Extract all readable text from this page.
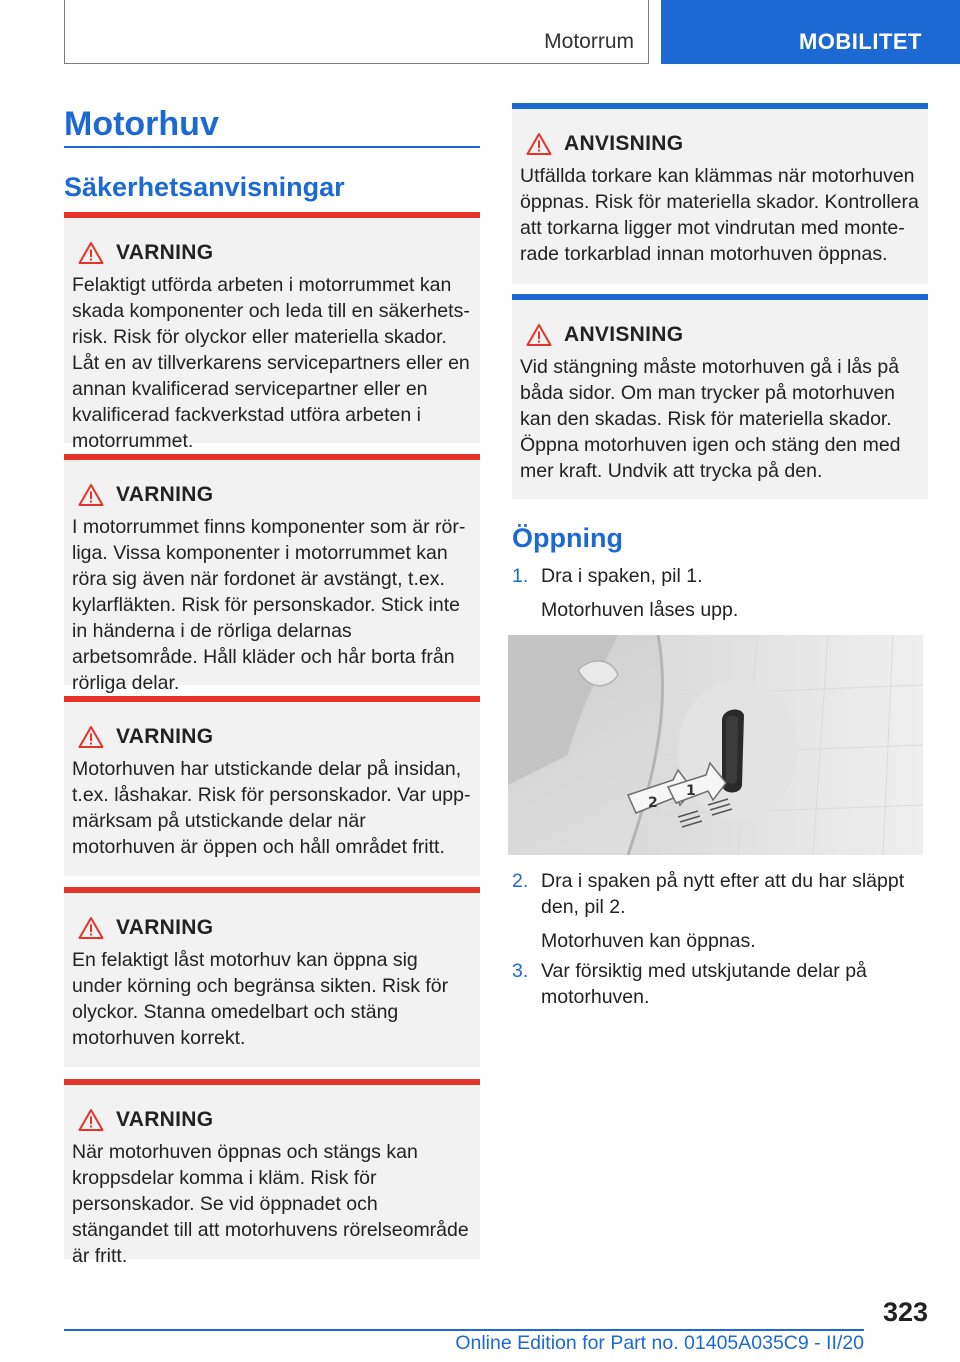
Motorrum	MOBILITET
Motorhuv
Säkerhetsanvisningar
VARNING

Felaktigt utförda arbeten i motorrummet kan skada komponenter och leda till en säkerhetsrisk. Risk för olyckor eller materiella skador. Låt en av tillverkarens servicepartners eller en annan kvalificerad servicepartner eller en kvalificerad fackverkstad utföra arbeten i motorrummet.

VARNING

I motorrummet finns komponenter som är rörliga. Vissa komponenter i motorrummet kan röra sig även när fordonet är avstängt, t.ex. kylarfläkten. Risk för personskador. Stick inte in händerna i de rörliga delarnas arbetsområde. Håll kläder och hår borta från rörliga delar.

VARNING

Motorhuven har utstickande delar på insidan, t.ex. låshakar. Risk för personskador. Var uppmärksam på utstickande delar när motorhuven är öppen och håll området fritt.

VARNING

En felaktigt låst motorhuv kan öppna sig under körning och begränsa sikten. Risk för olyckor. Stanna omedelbart och stäng motorhuven korrekt.

VARNING

När motorhuven öppnas och stängs kan kroppsdelar komma i kläm. Risk för personskador. Se vid öppnadet och stängandet till att motorhuvens rörelseområde är fritt.

ANVISNING

Utfällda torkare kan klämmas när motorhuven öppnas. Risk för materiella skador. Kontrollera att torkarna ligger mot vindrutan med monterade torkarblad innan motorhuven öppnas.

ANVISNING

Vid stängning måste motorhuven gå i lås på båda sidor. Om man trycker på motorhuven kan den skadas. Risk för materiella skador. Öppna motorhuven igen och stäng den med mer kraft. Undvik att trycka på den.

Öppning
1. Dra i spaken, pil 1.
Motorhuven låses upp.
2
1
2. Dra i spaken på nytt efter att du har släppt den, pil 2.
Motorhuven kan öppnas.
3. Var försiktig med utskjutande delar på motorhuven.
323
Online Edition for Part no. 01405A035C9 - II/20
